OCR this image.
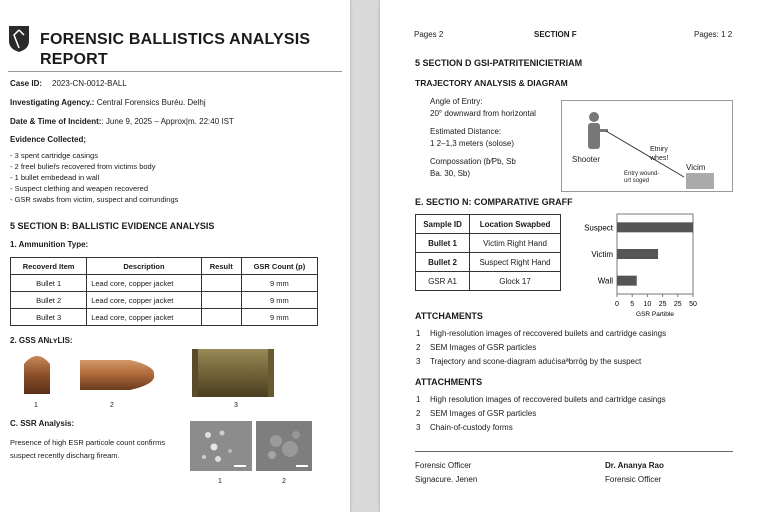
FORENSIC BALLISTICS ANALYSIS REPORT
Case ID: 2023-CN-0012-BALL
Investigating Agency.: Central Forensics Buréu. Delhj
Date & Time of Incident:: June 9, 2025 – Approx|m. 22:40 IST
Evidence Collected;
- 3 spent cartridge casings
- 2 freel bulieřs recovered from victims body
- 1 bullet embedead in wall
- Suspect clething and weapen recovered
- GSR swabs from victim, suspect and corrundings
5 SECTION B: BALLISTIC EVIDENCE ANALYSIS
1. Ammunition Type:
Recoverd Item	Description	Result	GSR Count (p)
Bullet 1	Lead core, copper jacket		9 mm
Bullet 2	Lead core, copper jacket		9 mm
Bullet 3	Lead core, copper jacket		9 mm
2. GSS ANʟʏLIS:
1	2	3
C. SSR Analysis:
Presence of high ESR particole count confirms suspect recently discharg fiream.
1	2
Pages 2	SECTION F	Pages: 1 2
5 SECTION D GSI-PATRITENICIETRIAM
TRAJECTORY ANALYSIS & DIAGRAM
Angle of Entry:
20° downward from horizontal
Estimated Distance:
1 2–1,3 meters (solose)
Compossation (ɓ⁄Pb, Sb
Ba. 30, Sb)
Shooter
Etniry
whes!
Vicim
Entry wound-
urt soged
E. SECTIO N: COMPARATIVE GRAFF
Sample ID	Location Swapbed
Bullet 1	Victim Right Hand
Bullet 2	Suspect Right Hand
GSR A1	Glock 17
Suspect
Victim
Wall
0 5 10 25 25 50
GSR Partible
ATTCHAMENTS
1 High-resolution images of reccovered builets and cartridge casings
2 SEM Images of GSR particles
3 Trajectory and scone-diagram aduċisaªbrrög by the suspect
ATTACHMENTS
1 High resolution images of reccovered builets and cartridge casings
2 SEM Images of GSR particles
3 Chain-of-custody forms
Forensic Officer
Signacure. Jenen
Dr. Ananya Rao
Forensic Officer
